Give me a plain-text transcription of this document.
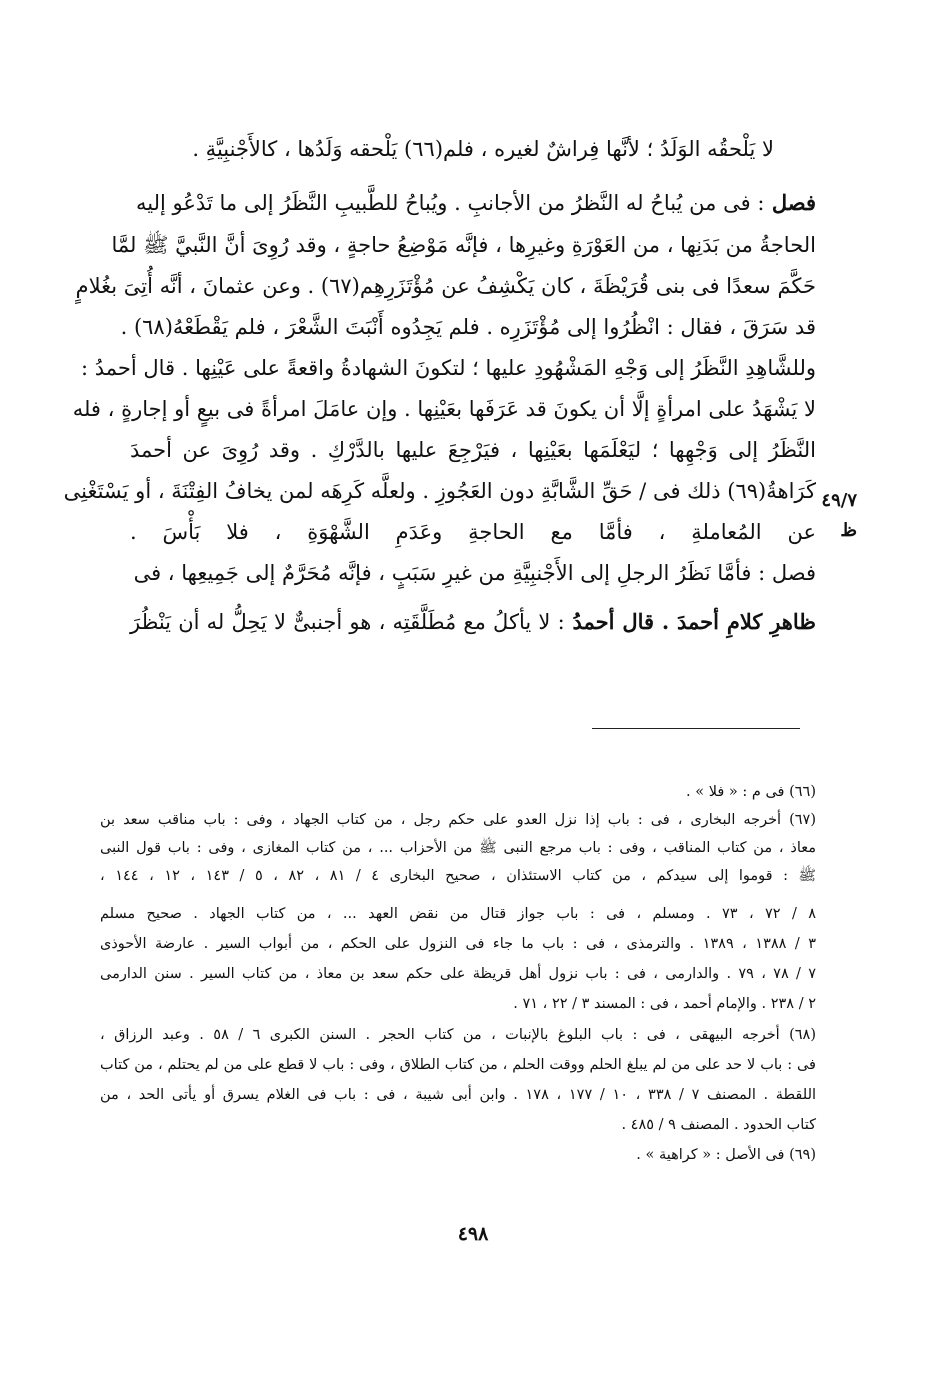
لا يَلْحقُه الوَلَدُ ؛ لأنَّها فِراشٌ لغيره ، فلم(٦٦) يَلْحقه وَلَدُها ، كالأَجْنبِيَّةِ .
فصل : فى من يُباحُ له النَّظرُ من الأجانبِ . ويُباحُ للطَّبيبِ النَّظَرُ إلى ما تَدْعُو إليه
الحاجةُ من بَدَنِها ، من العَوْرَةِ وغيرِها ، فإنَّه مَوْضِعُ حاجةٍ ، وقد رُوِىَ أنَّ النَّبيَّ ﷺ لمَّا
حَكَّمَ سعدًا فى بنى قُرَيْظَةَ ، كان يَكْشِفُ عن مُؤْتَزَرِهِم(٦٧) . وعن عثمانَ ، أنَّه أُتِىَ بغُلامٍ
قد سَرَقَ ، فقال : انْظُرُوا إلى مُؤْتَزَرِه . فلم يَجِدُوه أَنْبَتَ الشَّعْرَ ، فلم يَقْطَعْهُ(٦٨) .
وللشَّاهِدِ النَّظَرُ إلى وَجْهِ المَشْهُودِ عليها ؛ لتكونَ الشهادةُ واقعةً على عَيْنِها . قال أحمدُ :
لا يَشْهَدُ على امرأةٍ إلَّا أن يكونَ قد عَرَفَها بعَيْنِها . وإن عامَلَ امرأةً فى بيعٍ أو إجارةٍ ، فله
النَّظَرُ إلى وَجْهِها ؛ ليَعْلَمَها بعَيْنِها ، فيَرْجِعَ عليها بالدَّرْكِ . وقد رُوِىَ عن أحمدَ
كَرَاهةُ(٦٩) ذلك فى / حَقِّ الشَّابَّةِ دون العَجُوزِ . ولعلَّه كَرِهَه لمن يخافُ الفِتْنَةَ ، أو يَسْتَغْنِى
عن المُعاملةِ ، فأمَّا مع الحاجةِ وعَدَمِ الشَّهْوَةِ ، فلا بَأْسَ .
فصل : فأمَّا نَظَرُ الرجلِ إلى الأَجْنبِيَّةِ من غيرِ سَبَبٍ ، فإنَّه مُحَرَّمٌ إلى جَمِيعِها ، فى
ظاهرِ كلامِ أحمدَ . قال أحمدُ : لا يأكلُ مع مُطَلَّقَتِه ، هو أجنبىٌّ لا يَحِلُّ له أن يَنْظُرَ
٤٩/٧ ظ
(٦٦) فى م : « فلا » .
(٦٧) أخرجه البخارى ، فى : باب إذا نزل العدو على حكم رجل ، من كتاب الجهاد ، وفى : باب مناقب سعد بن
معاذ ، من كتاب المناقب ، وفى : باب مرجع النبى ﷺ من الأحزاب ... ، من كتاب المغازى ، وفى : باب قول النبى
ﷺ : قوموا إلى سيدكم ، من كتاب الاستئذان ، صحيح البخارى ٤ / ٨١ ، ٨٢ ، ٥ / ١٤٣ ، ١٢ ، ١٤٤ ،
٨ / ٧٢ ، ٧٣ . ومسلم ، فى : باب جواز قتال من نقض العهد ... ، من كتاب الجهاد . صحيح مسلم
٣ / ١٣٨٨ ، ١٣٨٩ . والترمذى ، فى : باب ما جاء فى النزول على الحكم ، من أبواب السير . عارضة الأحوذى
٧ / ٧٨ ، ٧٩ . والدارمى ، فى : باب نزول أهل قريظة على حكم سعد بن معاذ ، من كتاب السير . سنن الدارمى
٢ / ٢٣٨ . والإمام أحمد ، فى : المسند ٣ / ٢٢ ، ٧١ .
(٦٨) أخرجه البيهقى ، فى : باب البلوغ بالإنبات ، من كتاب الحجر . السنن الكبرى ٦ / ٥٨ . وعبد الرزاق ،
فى : باب لا حد على من لم يبلغ الحلم ووقت الحلم ، من كتاب الطلاق ، وفى : باب لا قطع على من لم يحتلم ، من كتاب
اللقطة . المصنف ٧ / ٣٣٨ ، ١٠ / ١٧٧ ، ١٧٨ . وابن أبى شيبة ، فى : باب فى الغلام يسرق أو يأتى الحد ، من
كتاب الحدود . المصنف ٩ / ٤٨٥ .
(٦٩) فى الأصل : « كراهية » .
٤٩٨
